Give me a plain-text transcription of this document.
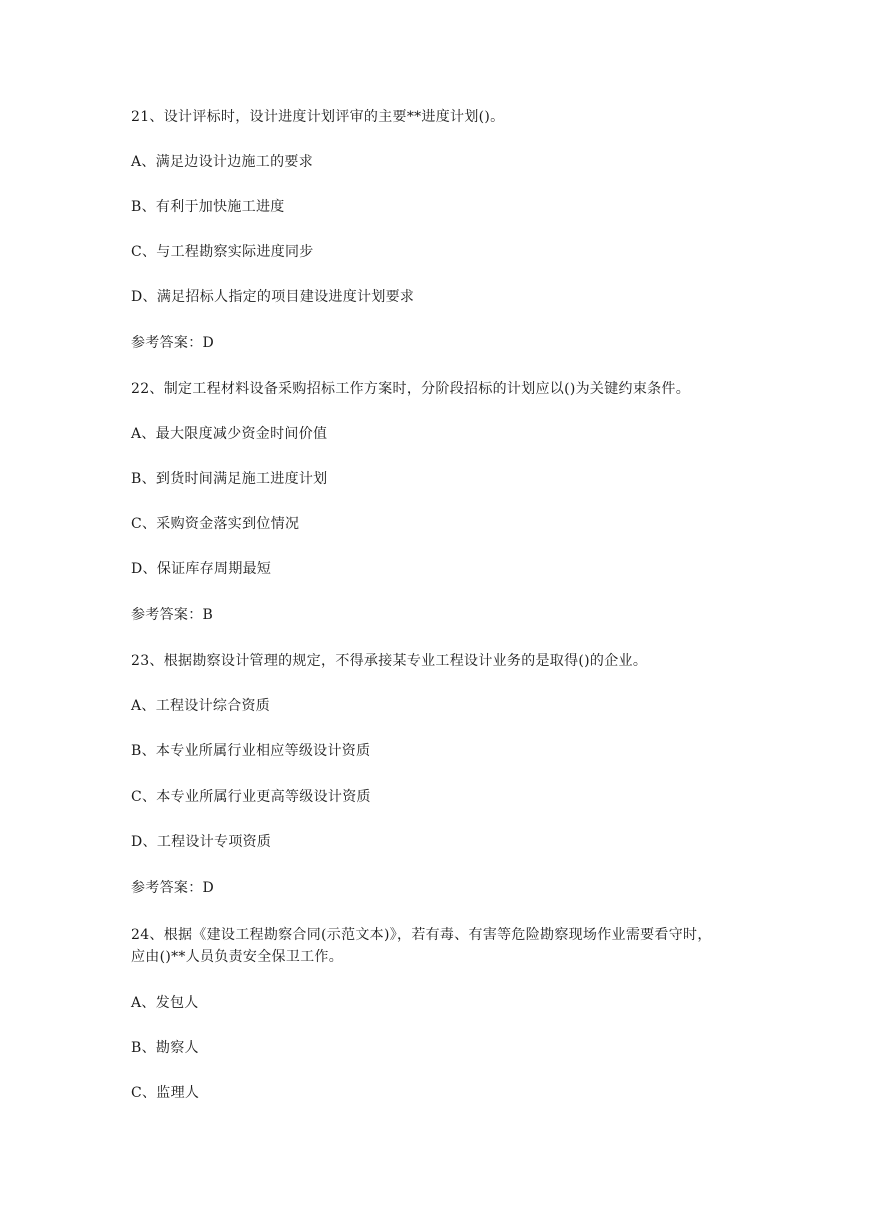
21、设计评标时，设计进度计划评审的主要**进度计划()。
A、满足边设计边施工的要求
B、有利于加快施工进度
C、与工程勘察实际进度同步
D、满足招标人指定的项目建设进度计划要求
参考答案：D
22、制定工程材料设备采购招标工作方案时，分阶段招标的计划应以()为关键约束条件。
A、最大限度减少资金时间价值
B、到货时间满足施工进度计划
C、采购资金落实到位情况
D、保证库存周期最短
参考答案：B
23、根据勘察设计管理的规定，不得承接某专业工程设计业务的是取得()的企业。
A、工程设计综合资质
B、本专业所属行业相应等级设计资质
C、本专业所属行业更高等级设计资质
D、工程设计专项资质
参考答案：D
24、根据《建设工程勘察合同(示范文本)》，若有毒、有害等危险勘察现场作业需要看守时，
应由()**人员负责安全保卫工作。
A、发包人
B、勘察人
C、监理人
